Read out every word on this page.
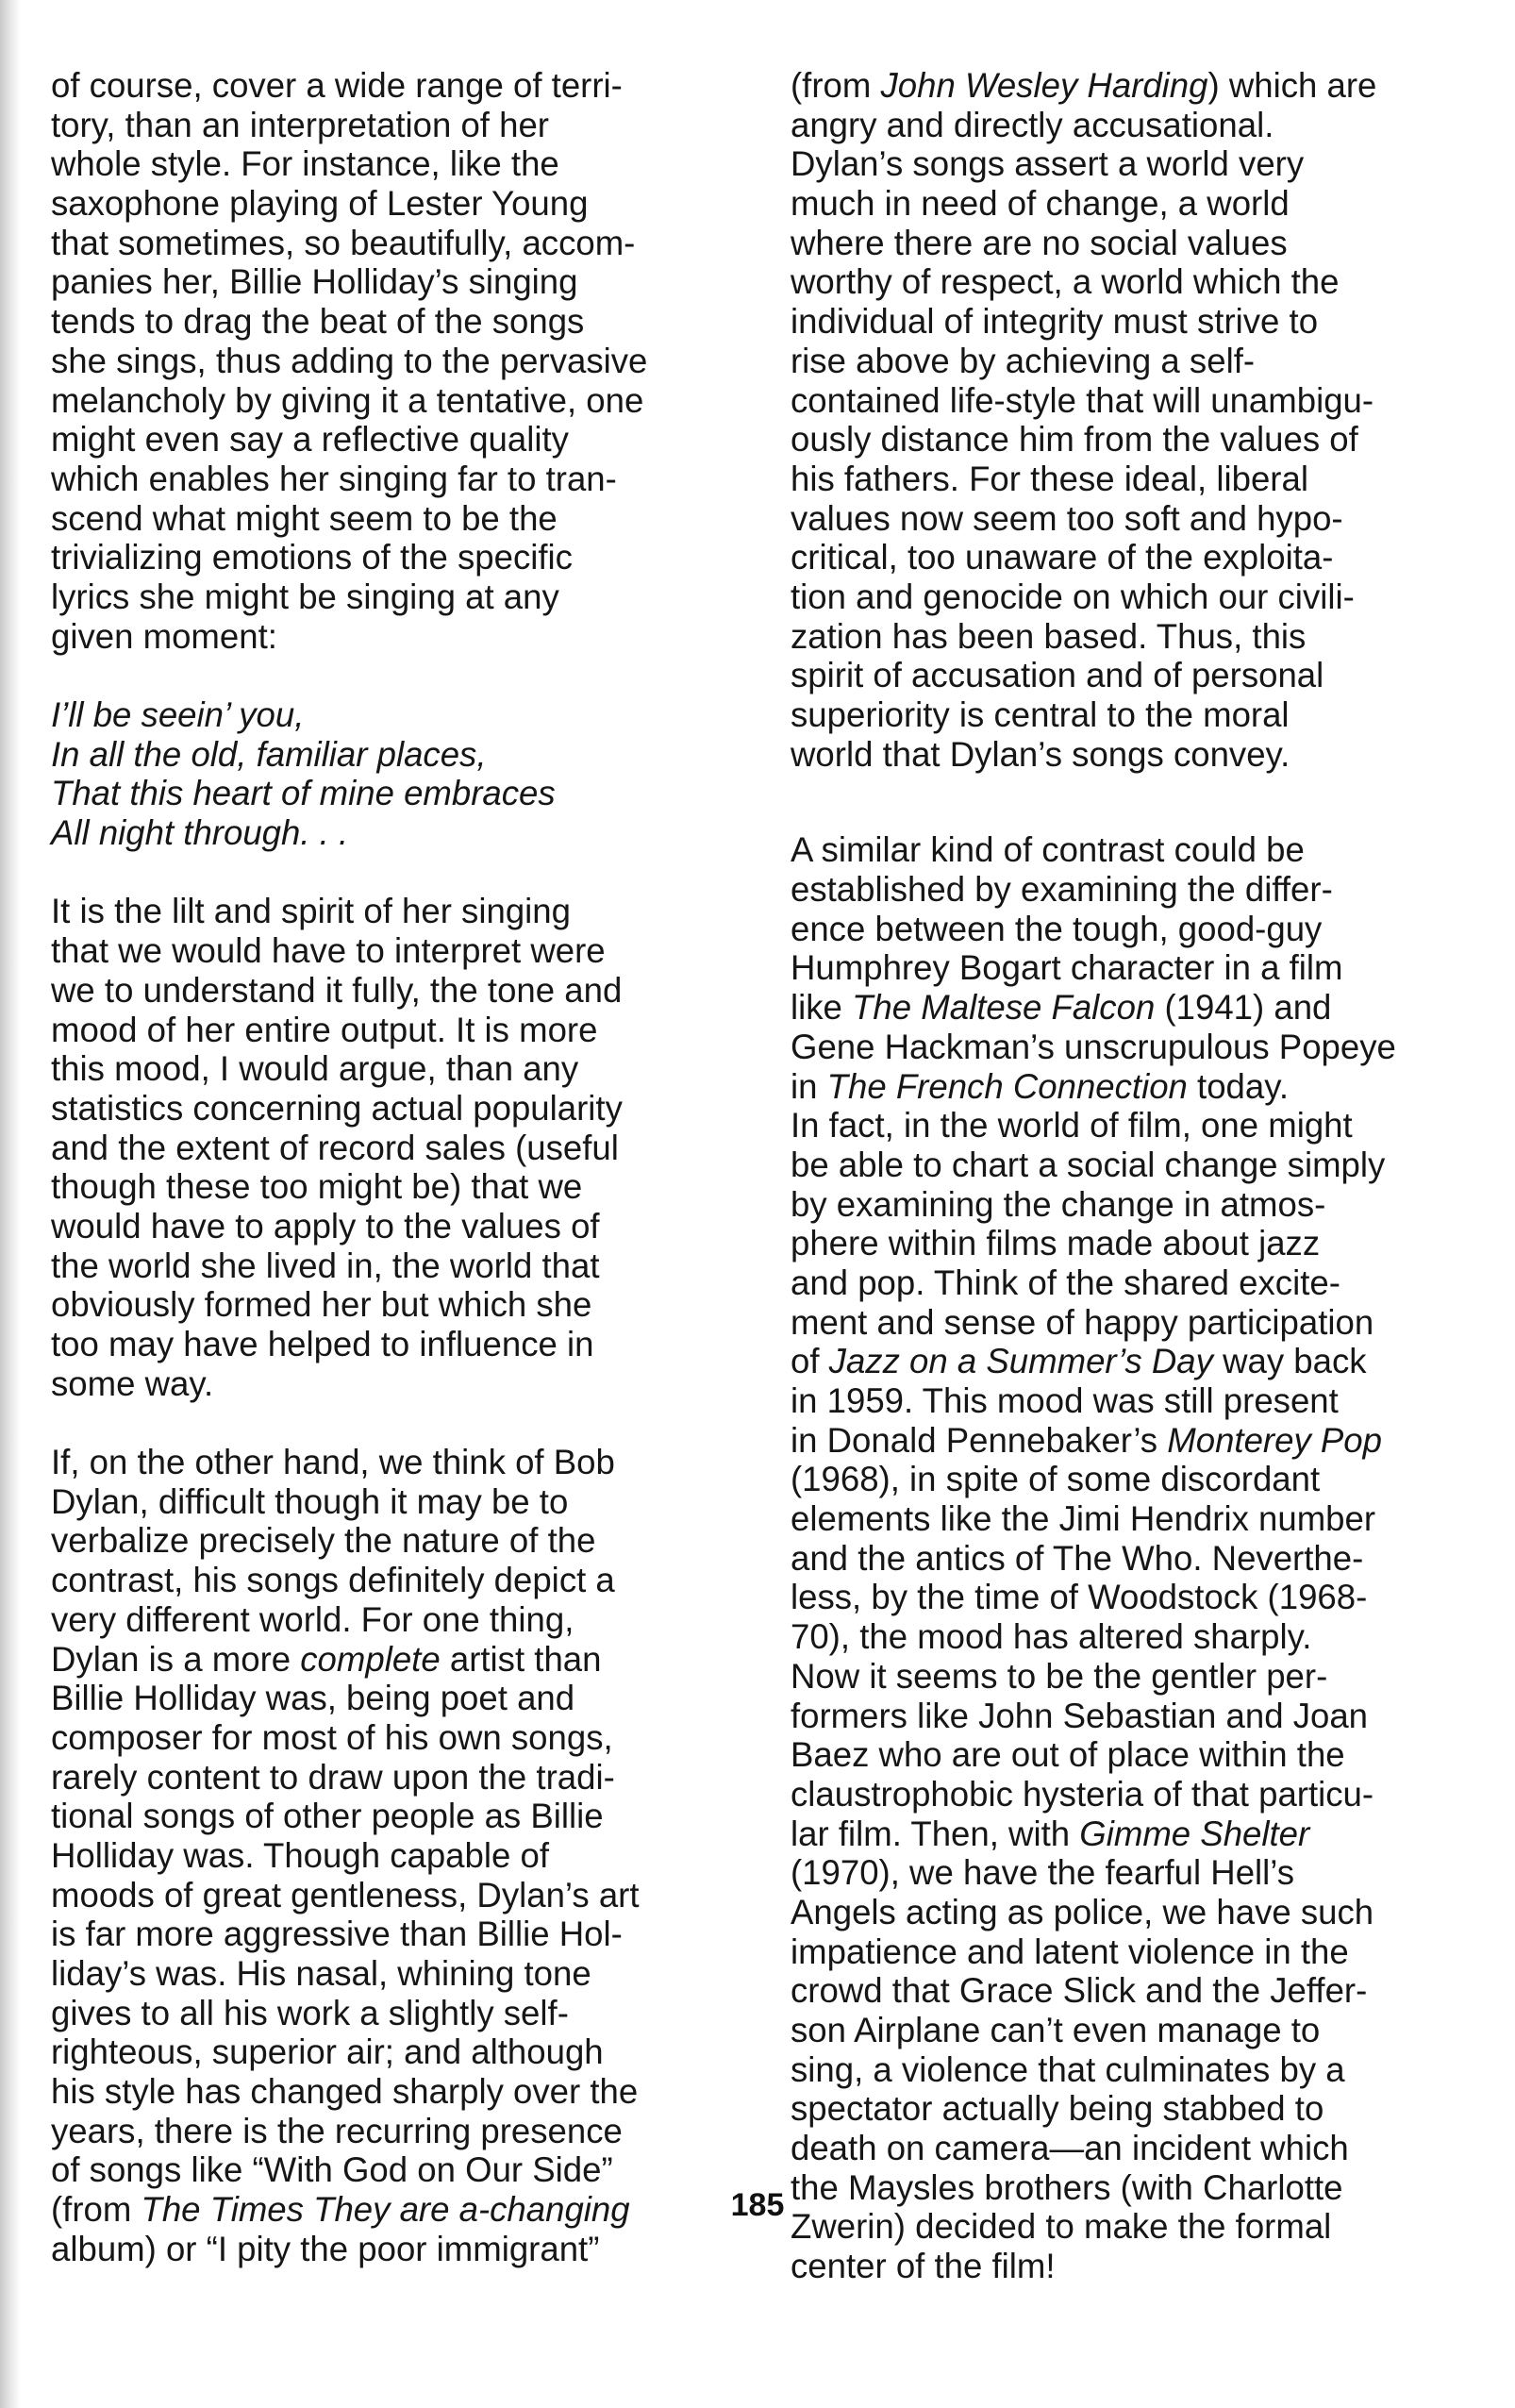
of course, cover a wide range of terri-
tory, than an interpretation of her
whole style. For instance, like the
saxophone playing of Lester Young
that sometimes, so beautifully, accom-
panies her, Billie Holliday’s singing
tends to drag the beat of the songs
she sings, thus adding to the pervasive
melancholy by giving it a tentative, one
might even say a reflective quality
which enables her singing far to tran-
scend what might seem to be the
trivializing emotions of the specific
lyrics she might be singing at any
given moment:
I’ll be seein’ you,
In all the old, familiar places,
That this heart of mine embraces
All night through. . .
It is the lilt and spirit of her singing
that we would have to interpret were
we to understand it fully, the tone and
mood of her entire output. It is more
this mood, I would argue, than any
statistics concerning actual popularity
and the extent of record sales (useful
though these too might be) that we
would have to apply to the values of
the world she lived in, the world that
obviously formed her but which she
too may have helped to influence in
some way.
If, on the other hand, we think of Bob
Dylan, difficult though it may be to
verbalize precisely the nature of the
contrast, his songs definitely depict a
very different world. For one thing,
Dylan is a more complete artist than
Billie Holliday was, being poet and
composer for most of his own songs,
rarely content to draw upon the tradi-
tional songs of other people as Billie
Holliday was. Though capable of
moods of great gentleness, Dylan’s art
is far more aggressive than Billie Hol-
liday’s was. His nasal, whining tone
gives to all his work a slightly self-
righteous, superior air; and although
his style has changed sharply over the
years, there is the recurring presence
of songs like “With God on Our Side”
(from The Times They are a-changing
album) or “I pity the poor immigrant”
(from John Wesley Harding) which are
angry and directly accusational.
Dylan’s songs assert a world very
much in need of change, a world
where there are no social values
worthy of respect, a world which the
individual of integrity must strive to
rise above by achieving a self-
contained life-style that will unambigu-
ously distance him from the values of
his fathers. For these ideal, liberal
values now seem too soft and hypo-
critical, too unaware of the exploita-
tion and genocide on which our civili-
zation has been based. Thus, this
spirit of accusation and of personal
superiority is central to the moral
world that Dylan’s songs convey.
A similar kind of contrast could be
established by examining the differ-
ence between the tough, good-guy
Humphrey Bogart character in a film
like The Maltese Falcon (1941) and
Gene Hackman’s unscrupulous Popeye
in The French Connection today.
In fact, in the world of film, one might
be able to chart a social change simply
by examining the change in atmos-
phere within films made about jazz
and pop. Think of the shared excite-
ment and sense of happy participation
of Jazz on a Summer’s Day way back
in 1959. This mood was still present
in Donald Pennebaker’s Monterey Pop
(1968), in spite of some discordant
elements like the Jimi Hendrix number
and the antics of The Who. Neverthe-
less, by the time of Woodstock (1968-
70), the mood has altered sharply.
Now it seems to be the gentler per-
formers like John Sebastian and Joan
Baez who are out of place within the
claustrophobic hysteria of that particu-
lar film. Then, with Gimme Shelter
(1970), we have the fearful Hell’s
Angels acting as police, we have such
impatience and latent violence in the
crowd that Grace Slick and the Jeffer-
son Airplane can’t even manage to
sing, a violence that culminates by a
spectator actually being stabbed to
death on camera—an incident which
the Maysles brothers (with Charlotte
Zwerin) decided to make the formal
center of the film!
185
